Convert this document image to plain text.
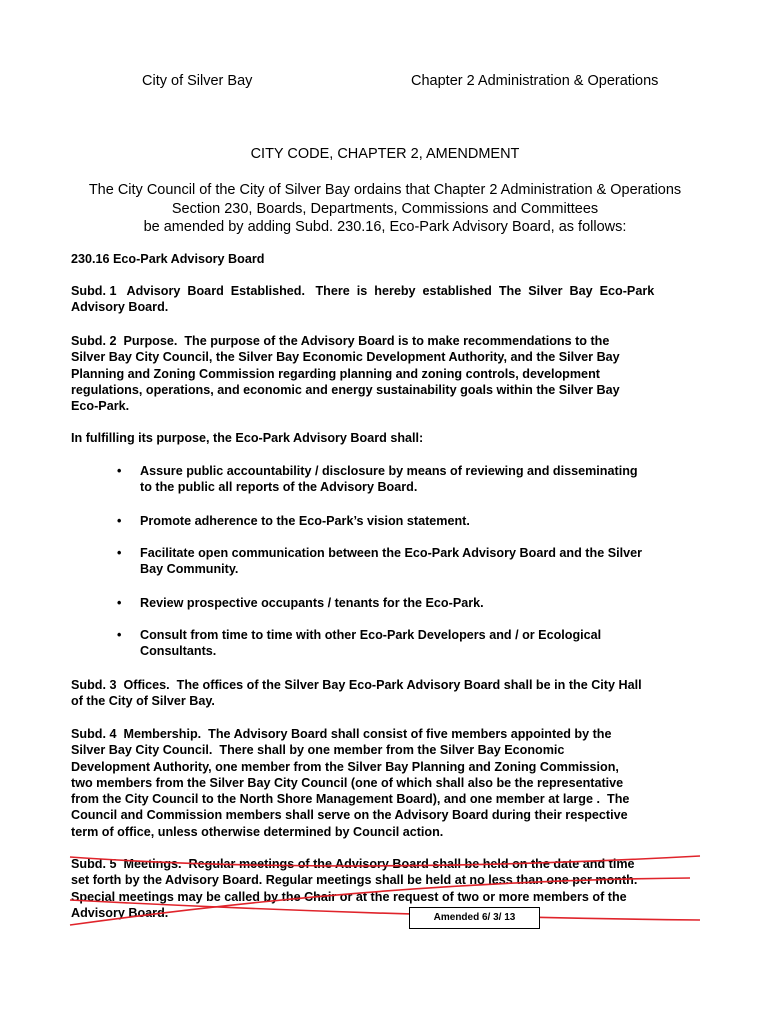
City of Silver Bay	Chapter 2 Administration & Operations
CITY CODE, CHAPTER 2, AMENDMENT
The City Council of the City of Silver Bay ordains that Chapter 2 Administration & Operations
Section 230, Boards, Departments, Commissions and Committees
be amended by adding Subd. 230.16, Eco-Park Advisory Board, as follows:
230.16 Eco-Park Advisory Board
Subd. 1   Advisory  Board  Established.   There  is  hereby  established  The  Silver  Bay  Eco-Park
Advisory Board.
Subd. 2  Purpose.  The purpose of the Advisory Board is to make recommendations to the
Silver Bay City Council, the Silver Bay Economic Development Authority, and the Silver Bay
Planning and Zoning Commission regarding planning and zoning controls, development
regulations, operations, and economic and energy sustainability goals within the Silver Bay
Eco-Park.
In fulfilling its purpose, the Eco-Park Advisory Board shall:
• Assure public accountability / disclosure by means of reviewing and disseminating
to the public all reports of the Advisory Board.
• Promote adherence to the Eco-Park’s vision statement.
• Facilitate open communication between the Eco-Park Advisory Board and the Silver
Bay Community.
• Review prospective occupants / tenants for the Eco-Park.
• Consult from time to time with other Eco-Park Developers and / or Ecological
Consultants.
Subd. 3  Offices.  The offices of the Silver Bay Eco-Park Advisory Board shall be in the City Hall
of the City of Silver Bay.
Subd. 4  Membership.  The Advisory Board shall consist of five members appointed by the
Silver Bay City Council.  There shall by one member from the Silver Bay Economic
Development Authority, one member from the Silver Bay Planning and Zoning Commission,
two members from the Silver Bay City Council (one of which shall also be the representative
from the City Council to the North Shore Management Board), and one member at large .  The
Council and Commission members shall serve on the Advisory Board during their respective
term of office, unless otherwise determined by Council action.
Subd. 5  Meetings.  Regular meetings of the Advisory Board shall be held on the date and time
set forth by the Advisory Board. Regular meetings shall be held at no less than one per month.
Special meetings may be called by the Chair or at the request of two or more members of the
Advisory Board.	Amended 6/ 3/ 13
